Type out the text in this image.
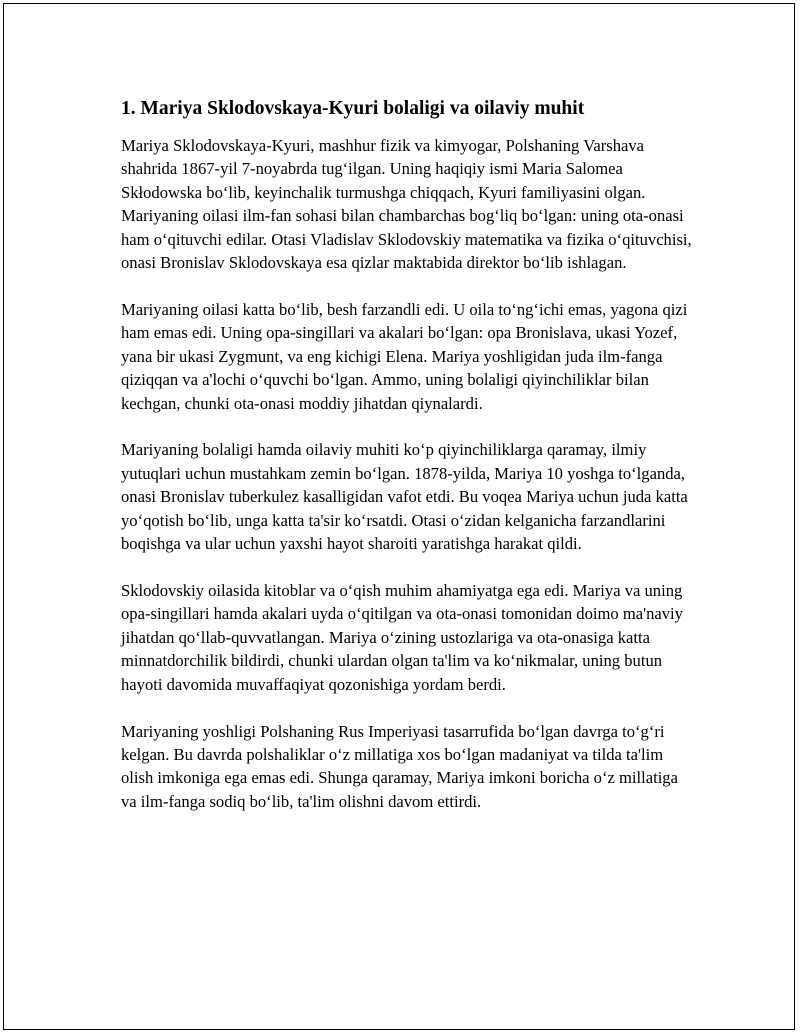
1. Mariya Sklodovskaya-Kyuri bolaligi va oilaviy muhit

Mariya Sklodovskaya-Kyuri, mashhur fizik va kimyogar, Polshaning Varshava shahrida 1867-yil 7-noyabrda tug‘ilgan. Uning haqiqiy ismi Maria Salomea Skłodowska bo‘lib, keyinchalik turmushga chiqqach, Kyuri familiyasini olgan. Mariyaning oilasi ilm-fan sohasi bilan chambarchas bog‘liq bo‘lgan: uning ota-onasi ham o‘qituvchi edilar. Otasi Vladislav Sklodovskiy matematika va fizika o‘qituvchisi, onasi Bronislav Sklodovskaya esa qizlar maktabida direktor bo‘lib ishlagan.

Mariyaning oilasi katta bo‘lib, besh farzandli edi. U oila to‘ng‘ichi emas, yagona qizi ham emas edi. Uning opa-singillari va akalari bo‘lgan: opa Bronislava, ukasi Yozef, yana bir ukasi Zygmunt, va eng kichigi Elena. Mariya yoshligidan juda ilm-fanga qiziqqan va a'lochi o‘quvchi bo‘lgan. Ammo, uning bolaligi qiyinchiliklar bilan kechgan, chunki ota-onasi moddiy jihatdan qiynalardi.

Mariyaning bolaligi hamda oilaviy muhiti ko‘p qiyinchiliklarga qaramay, ilmiy yutuqlari uchun mustahkam zemin bo‘lgan. 1878-yilda, Mariya 10 yoshga to‘lganda, onasi Bronislav tuberkulez kasalligidan vafot etdi. Bu voqea Mariya uchun juda katta yo‘qotish bo‘lib, unga katta ta'sir ko‘rsatdi. Otasi o‘zidan kelganicha farzandlarini boqishga va ular uchun yaxshi hayot sharoiti yaratishga harakat qildi.

Sklodovskiy oilasida kitoblar va o‘qish muhim ahamiyatga ega edi. Mariya va uning opa-singillari hamda akalari uyda o‘qitilgan va ota-onasi tomonidan doimo ma'naviy jihatdan qo‘llab-quvvatlangan. Mariya o‘zining ustozlariga va ota-onasiga katta minnatdorchilik bildirdi, chunki ulardan olgan ta'lim va ko‘nikmalar, uning butun hayoti davomida muvaffaqiyat qozonishiga yordam berdi.

Mariyaning yoshligi Polshaning Rus Imperiyasi tasarrufida bo‘lgan davrga to‘g‘ri kelgan. Bu davrda polshaliklar o‘z millatiga xos bo‘lgan madaniyat va tilda ta'lim olish imkoniga ega emas edi. Shunga qaramay, Mariya imkoni boricha o‘z millatiga va ilm-fanga sodiq bo‘lib, ta'lim olishni davom ettirdi.
